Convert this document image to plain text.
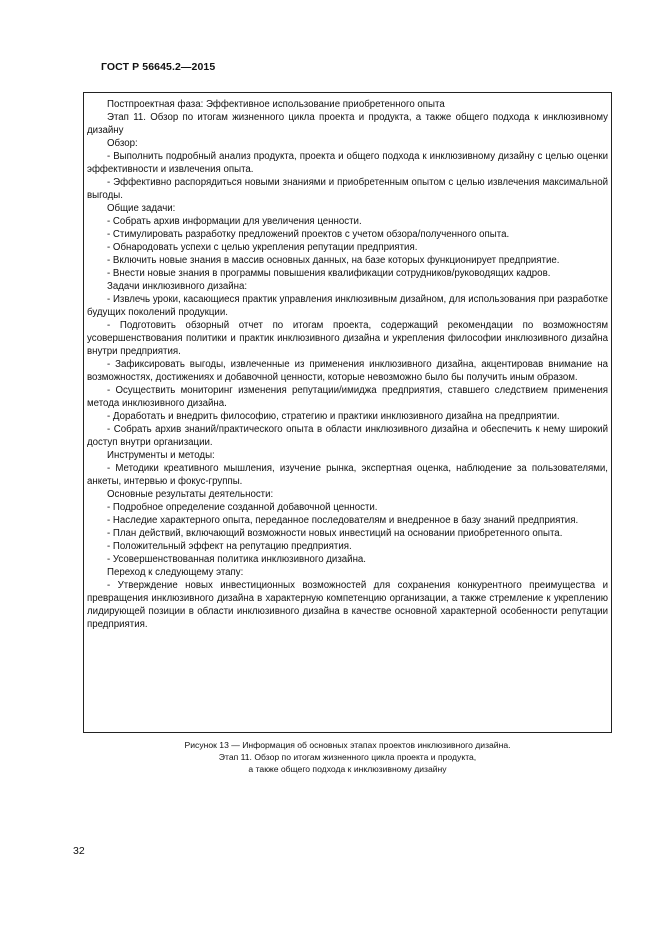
ГОСТ Р 56645.2—2015

Постпроектная фаза: Эффективное использование приобретенного опыта

Этап 11. Обзор по итогам жизненного цикла проекта и продукта, а также общего подхода к инклюзивному дизайну

Обзор:

- Выполнить подробный анализ продукта, проекта и общего подхода к инклюзивному дизайну с целью оценки эффективности и извлечения опыта.

- Эффективно распорядиться новыми знаниями и приобретенным опытом с целью извлечения максимальной выгоды.

Общие задачи:

- Собрать архив информации для увеличения ценности.

- Стимулировать разработку предложений проектов с учетом обзора/полученного опыта.

- Обнародовать успехи с целью укрепления репутации предприятия.

- Включить новые знания в массив основных данных, на базе которых функционирует предприятие.

- Внести новые знания в программы повышения квалификации сотрудников/руководящих кадров.

Задачи инклюзивного дизайна:

- Извлечь уроки, касающиеся практик управления инклюзивным дизайном, для использования при разработке будущих поколений продукции.

- Подготовить обзорный отчет по итогам проекта, содержащий рекомендации по возможностям усовершенствования политики и практик инклюзивного дизайна и укрепления философии инклюзивного дизайна внутри предприятия.

- Зафиксировать выгоды, извлеченные из применения инклюзивного дизайна, акцентировав внимание на возможностях, достижениях и добавочной ценности, которые невозможно было бы получить иным образом.

- Осуществить мониторинг изменения репутации/имиджа предприятия, ставшего следствием применения метода инклюзивного дизайна.

- Доработать и внедрить философию, стратегию и практики инклюзивного дизайна на предприятии.

- Собрать архив знаний/практического опыта в области инклюзивного дизайна и обеспечить к нему широкий доступ внутри организации.

Инструменты и методы:

- Методики креативного мышления, изучение рынка, экспертная оценка, наблюдение за пользователями, анкеты, интервью и фокус-группы.

Основные результаты деятельности:

- Подробное определение созданной добавочной ценности.

- Наследие характерного опыта, переданное последователям и внедренное в базу знаний предприятия.

- План действий, включающий возможности новых инвестиций на основании приобретенного опыта.

- Положительный эффект на репутацию предприятия.

- Усовершенствованная политика инклюзивного дизайна.

Переход к следующему этапу:

- Утверждение новых инвестиционных возможностей для сохранения конкурентного преимущества и превращения инклюзивного дизайна в характерную компетенцию организации, а также стремление к укреплению лидирующей позиции в области инклюзивного дизайна в качестве основной характерной особенности репутации предприятия.

Рисунок 13 — Информация об основных этапах проектов инклюзивного дизайна.
Этап 11. Обзор по итогам жизненного цикла проекта и продукта,
а также общего подхода к инклюзивному дизайну
32
